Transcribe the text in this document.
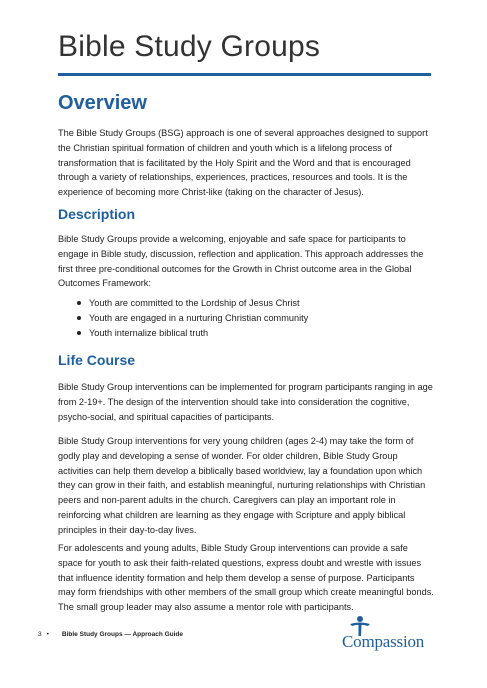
Bible Study Groups
Overview

The Bible Study Groups (BSG) approach is one of several approaches designed to support the Christian spiritual formation of children and youth which is a lifelong process of transformation that is facilitated by the Holy Spirit and the Word and that is encouraged through a variety of relationships, experiences, practices, resources and tools. It is the experience of becoming more Christ-like (taking on the character of Jesus).

Description

Bible Study Groups provide a welcoming, enjoyable and safe space for participants to engage in Bible study, discussion, reflection and application. This approach addresses the first three pre-conditional outcomes for the Growth in Christ outcome area in the Global Outcomes Framework:

Youth are committed to the Lordship of Jesus Christ
Youth are engaged in a nurturing Christian community
Youth internalize biblical truth
Life Course

Bible Study Group interventions can be implemented for program participants ranging in age from 2-19+. The design of the intervention should take into consideration the cognitive, psycho-social, and spiritual capacities of participants.

Bible Study Group interventions for very young children (ages 2-4) may take the form of godly play and developing a sense of wonder. For older children, Bible Study Group activities can help them develop a biblically based worldview, lay a foundation upon which they can grow in their faith, and establish meaningful, nurturing relationships with Christian peers and non-parent adults in the church. Caregivers can play an important role in reinforcing what children are learning as they engage with Scripture and apply biblical principles in their day-to-day lives.

For adolescents and young adults, Bible Study Group interventions can provide a safe space for youth to ask their faith-related questions, express doubt and wrestle with issues that influence identity formation and help them develop a sense of purpose. Participants may form friendships with other members of the small group which create meaningful bonds. The small group leader may also assume a mentor role with participants.

3 • Bible Study Groups — Approach Guide	Compassion
